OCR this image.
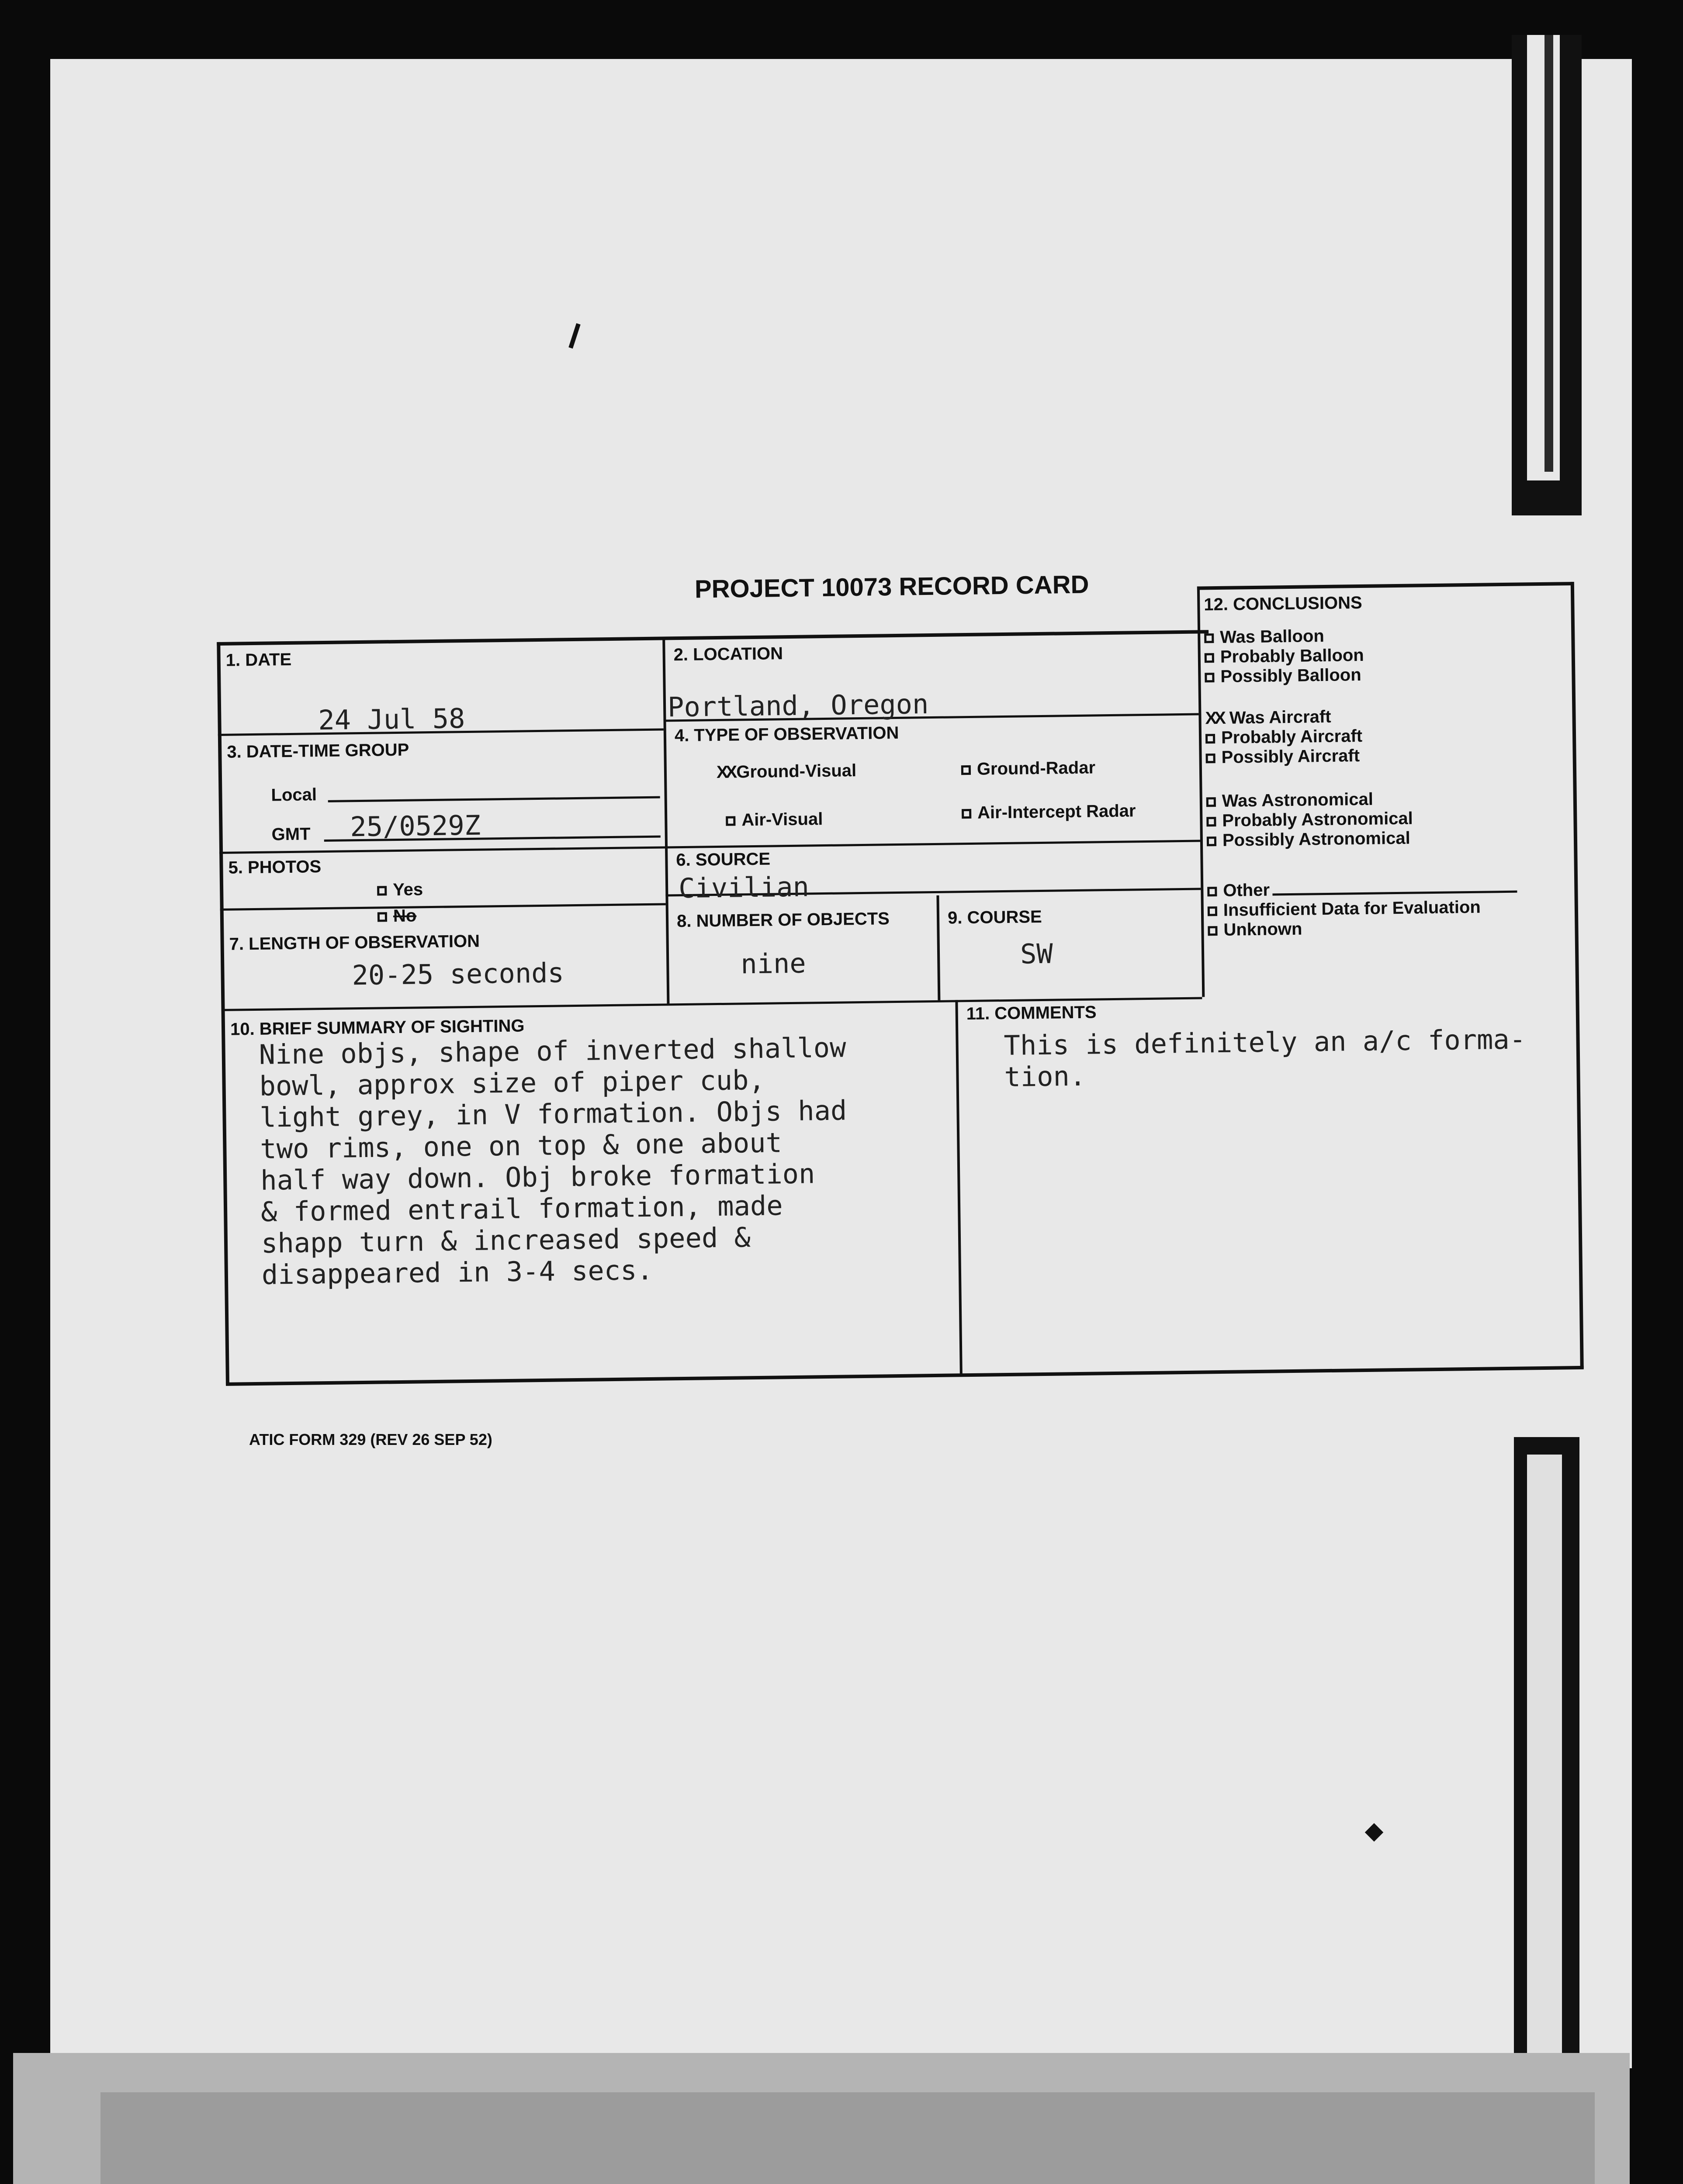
PROJECT 10073 RECORD CARD
1. DATE
24 Jul 58
2. LOCATION
Portland, Oregon
3. DATE-TIME GROUP
Local
GMT 25/0529Z
4. TYPE OF OBSERVATION
XXGround-Visual	Ground-Radar
Air-Visual	Air-Intercept Radar
5. PHOTOS
Yes
No
6. SOURCE
Civilian
7. LENGTH OF OBSERVATION
20-25 seconds
8. NUMBER OF OBJECTS
nine
9. COURSE
SW
10. BRIEF SUMMARY OF SIGHTING
Nine objs, shape of inverted shallow
bowl, approx size of piper cub,
light grey, in V formation. Objs had
two rims, one on top & one about
half way down. Obj broke formation
& formed entrail formation, made
shapp turn & increased speed &
disappeared in 3-4 secs.
11. COMMENTS
This is definitely an a/c forma-
tion.
12. CONCLUSIONS
Was Balloon
Probably Balloon
Possibly Balloon
XX Was Aircraft
Probably Aircraft
Possibly Aircraft
Was Astronomical
Probably Astronomical
Possibly Astronomical
Other
Insufficient Data for Evaluation
Unknown
ATIC FORM 329 (REV 26 SEP 52)
